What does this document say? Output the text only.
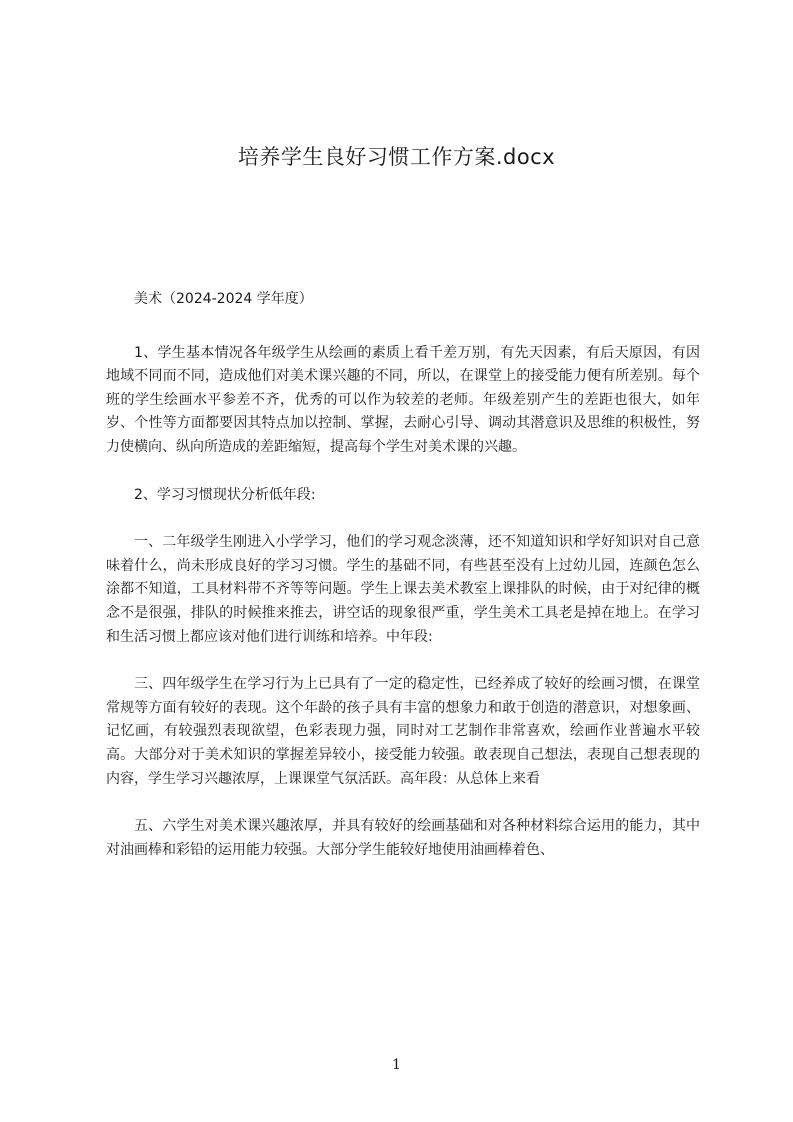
培养学生良好习惯工作方案.docx

美术（2024-2024 学年度）

1、学生基本情况各年级学生从绘画的素质上看千差万别，有先天因素，有后天原因，有因地域不同而不同，造成他们对美术课兴趣的不同，所以，在课堂上的接受能力便有所差别。每个班的学生绘画水平参差不齐，优秀的可以作为较差的老师。年级差别产生的差距也很大，如年岁、个性等方面都要因其特点加以控制、掌握，去耐心引导、调动其潜意识及思维的积极性，努力使横向、纵向所造成的差距缩短，提高每个学生对美术课的兴趣。

2、学习习惯现状分析低年段:

一、二年级学生刚进入小学学习，他们的学习观念淡薄，还不知道知识和学好知识对自己意味着什么，尚未形成良好的学习习惯。学生的基础不同，有些甚至没有上过幼儿园，连颜色怎么涂都不知道，工具材料带不齐等等问题。学生上课去美术教室上课排队的时候，由于对纪律的概念不是很强，排队的时候推来推去，讲空话的现象很严重，学生美术工具老是掉在地上。在学习和生活习惯上都应该对他们进行训练和培养。中年段:

三、四年级学生在学习行为上已具有了一定的稳定性，已经养成了较好的绘画习惯，在课堂常规等方面有较好的表现。这个年龄的孩子具有丰富的想象力和敢于创造的潜意识，对想象画、记忆画，有较强烈表现欲望，色彩表现力强，同时对工艺制作非常喜欢，绘画作业普遍水平较高。大部分对于美术知识的掌握差异较小，接受能力较强。敢表现自己想法，表现自己想表现的内容，学生学习兴趣浓厚，上课课堂气氛活跃。高年段：从总体上来看

五、六学生对美术课兴趣浓厚，并具有较好的绘画基础和对各种材料综合运用的能力，其中对油画棒和彩铅的运用能力较强。大部分学生能较好地使用油画棒着色、

1
